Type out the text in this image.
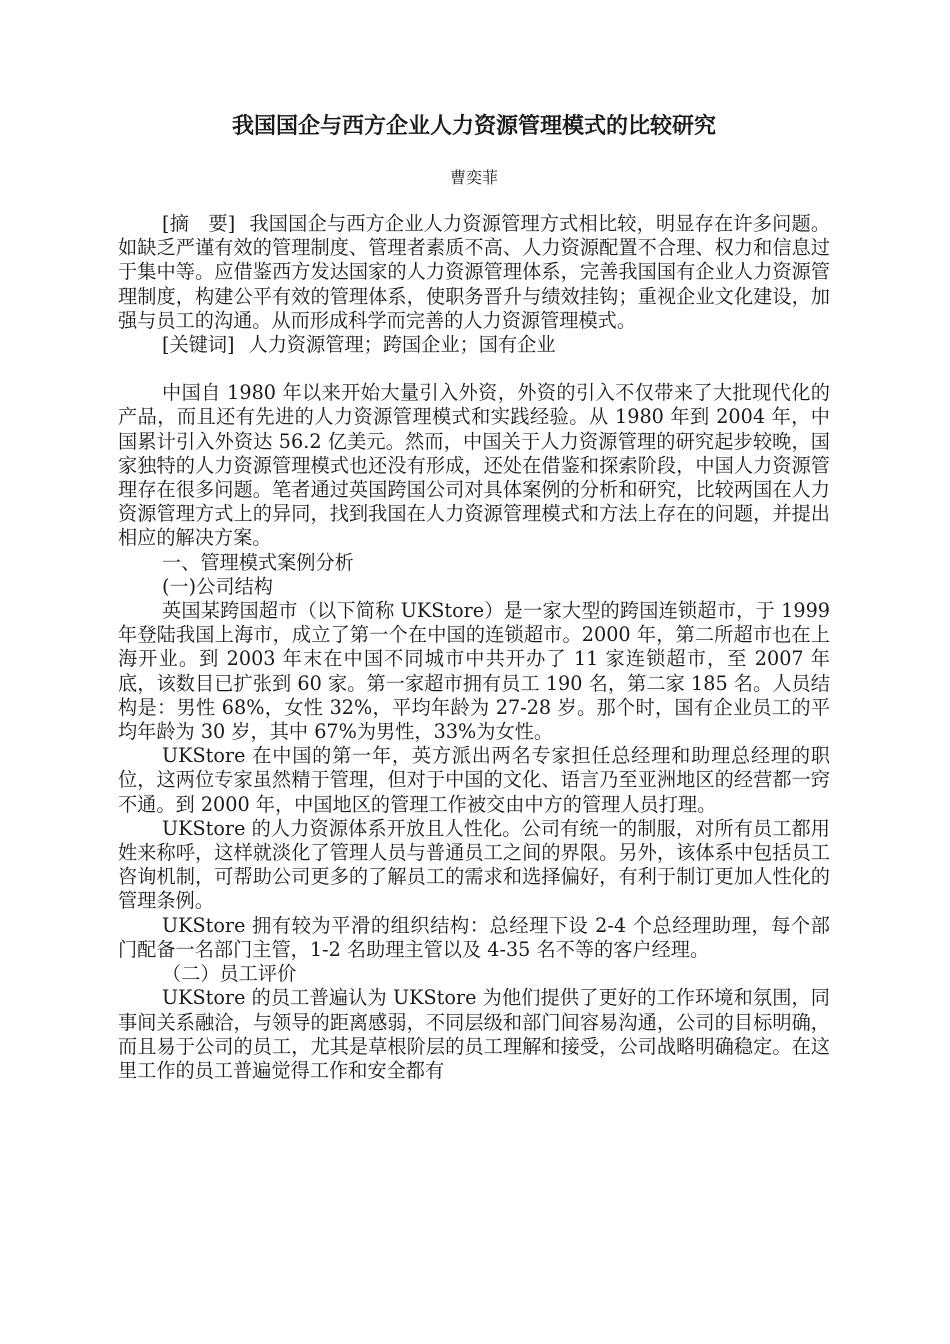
我国国企与西方企业人力资源管理模式的比较研究
曹奕菲

[摘　要] 我国国企与西方企业人力资源管理方式相比较，明显存在许多问题。如缺乏严谨有效的管理制度、管理者素质不高、人力资源配置不合理、权力和信息过于集中等。应借鉴西方发达国家的人力资源管理体系，完善我国国有企业人力资源管理制度，构建公平有效的管理体系，使职务晋升与绩效挂钩；重视企业文化建设，加强与员工的沟通。从而形成科学而完善的人力资源管理模式。

[关键词] 人力资源管理；跨国企业；国有企业

中国自 1980 年以来开始大量引入外资，外资的引入不仅带来了大批现代化的产品，而且还有先进的人力资源管理模式和实践经验。从 1980 年到 2004 年，中国累计引入外资达 56.2 亿美元。然而，中国关于人力资源管理的研究起步较晚，国家独特的人力资源管理模式也还没有形成，还处在借鉴和探索阶段，中国人力资源管理存在很多问题。笔者通过英国跨国公司对具体案例的分析和研究，比较两国在人力资源管理方式上的异同，找到我国在人力资源管理模式和方法上存在的问题，并提出相应的解决方案。

一、管理模式案例分析

(一)公司结构

英国某跨国超市（以下简称 UKStore）是一家大型的跨国连锁超市，于 1999 年登陆我国上海市，成立了第一个在中国的连锁超市。2000 年，第二所超市也在上海开业。到 2003 年末在中国不同城市中共开办了 11 家连锁超市，至 2007 年底，该数目已扩张到 60 家。第一家超市拥有员工 190 名，第二家 185 名。人员结构是：男性 68%，女性 32%，平均年龄为 27-28 岁。那个时，国有企业员工的平均年龄为 30 岁，其中 67%为男性，33%为女性。

UKStore 在中国的第一年，英方派出两名专家担任总经理和助理总经理的职位，这两位专家虽然精于管理，但对于中国的文化、语言乃至亚洲地区的经营都一窍不通。到 2000 年，中国地区的管理工作被交由中方的管理人员打理。

UKStore 的人力资源体系开放且人性化。公司有统一的制服，对所有员工都用姓来称呼，这样就淡化了管理人员与普通员工之间的界限。另外，该体系中包括员工咨询机制，可帮助公司更多的了解员工的需求和选择偏好，有利于制订更加人性化的管理条例。

UKStore 拥有较为平滑的组织结构：总经理下设 2-4 个总经理助理，每个部门配备一名部门主管，1-2 名助理主管以及 4-35 名不等的客户经理。

（二）员工评价

UKStore 的员工普遍认为 UKStore 为他们提供了更好的工作环境和氛围，同事间关系融洽，与领导的距离感弱，不同层级和部门间容易沟通，公司的目标明确，而且易于公司的员工，尤其是草根阶层的员工理解和接受，公司战略明确稳定。在这里工作的员工普遍觉得工作和安全都有
